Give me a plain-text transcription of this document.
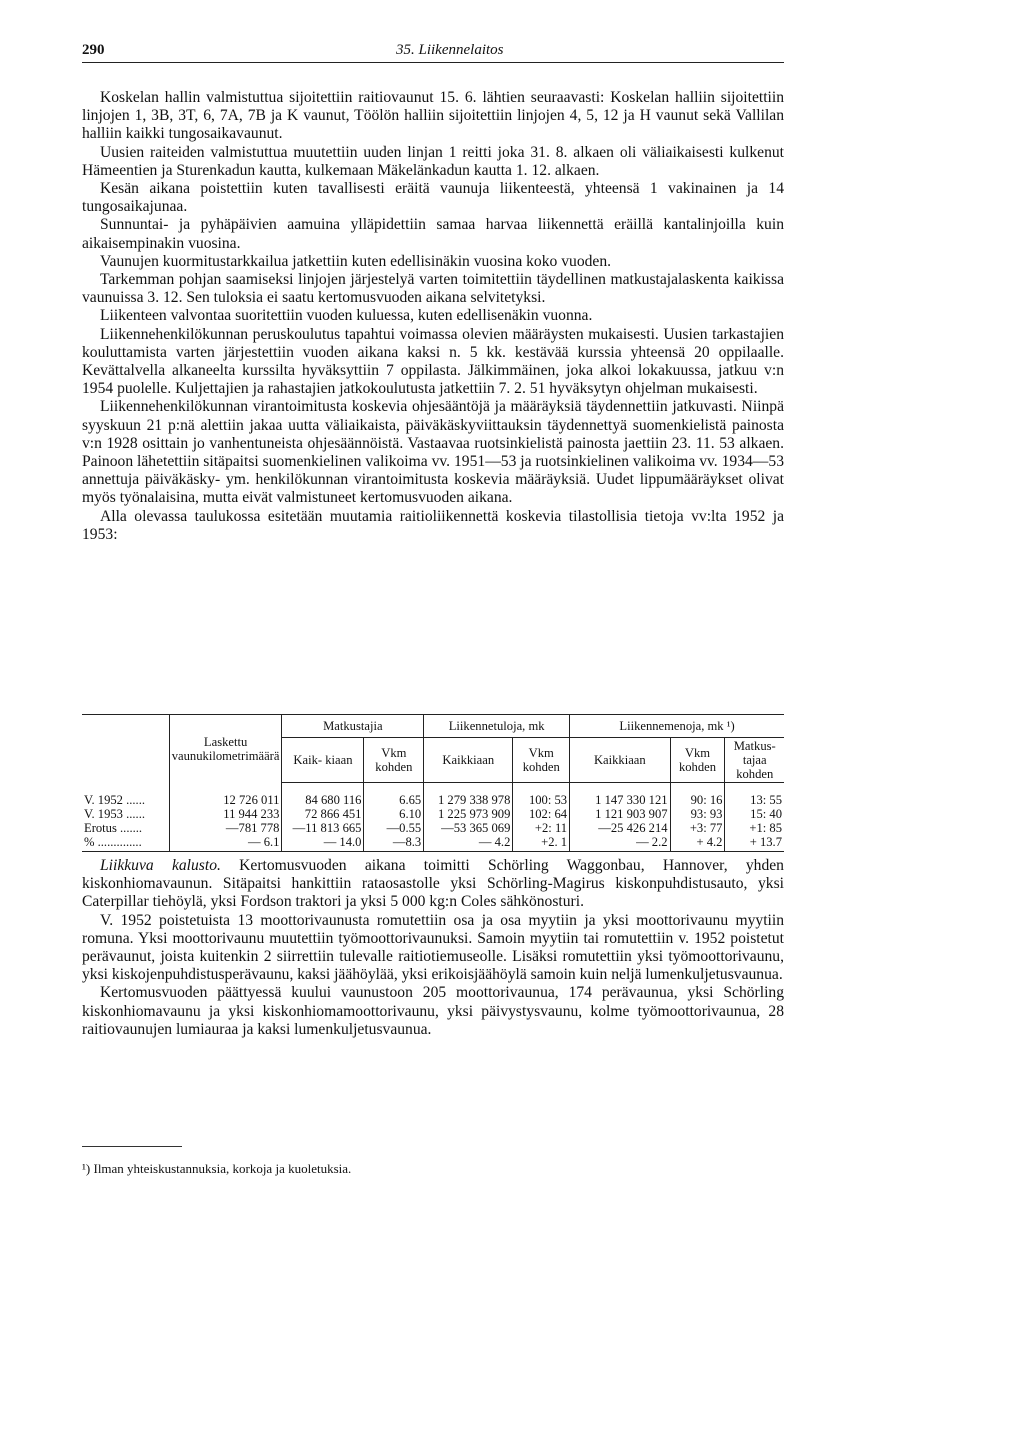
290	35. Liikennelaitos

Koskelan hallin valmistuttua sijoitettiin raitiovaunut 15. 6. lähtien seuraavasti: Koskelan halliin sijoitettiin linjojen 1, 3B, 3T, 6, 7A, 7B ja K vaunut, Töölön halliin sijoitettiin linjojen 4, 5, 12 ja H vaunut sekä Vallilan halliin kaikki tungosaikavaunut.

Uusien raiteiden valmistuttua muutettiin uuden linjan 1 reitti joka 31. 8. alkaen oli väliaikaisesti kulkenut Hämeentien ja Sturenkadun kautta, kulkemaan Mäkelänkadun kautta 1. 12. alkaen.

Kesän aikana poistettiin kuten tavallisesti eräitä vaunuja liikenteestä, yhteensä 1 vakinainen ja 14 tungosaikajunaa.

Sunnuntai- ja pyhäpäivien aamuina ylläpidettiin samaa harvaa liikennettä eräillä kantalinjoilla kuin aikaisempinakin vuosina.

Vaunujen kuormitustarkkailua jatkettiin kuten edellisinäkin vuosina koko vuoden.

Tarkemman pohjan saamiseksi linjojen järjestelyä varten toimitettiin täydellinen matkustajalaskenta kaikissa vaunuissa 3. 12. Sen tuloksia ei saatu kertomusvuoden aikana selvitetyksi.

Liikenteen valvontaa suoritettiin vuoden kuluessa, kuten edellisenäkin vuonna.

Liikennehenkilökunnan peruskoulutus tapahtui voimassa olevien määräysten mukaisesti. Uusien tarkastajien kouluttamista varten järjestettiin vuoden aikana kaksi n. 5 kk. kestävää kurssia yhteensä 20 oppilaalle. Kevättalvella alkaneelta kurssilta hyväksyttiin 7 oppilasta. Jälkimmäinen, joka alkoi lokakuussa, jatkuu v:n 1954 puolelle. Kuljettajien ja rahastajien jatkokoulutusta jatkettiin 7. 2. 51 hyväksytyn ohjelman mukaisesti.

Liikennehenkilökunnan virantoimitusta koskevia ohjesääntöjä ja määräyksiä täydennettiin jatkuvasti. Niinpä syyskuun 21 p:nä alettiin jakaa uutta väliaikaista, päiväkäskyviittauksin täydennettyä suomenkielistä painosta v:n 1928 osittain jo vanhentuneista ohjesäännöistä. Vastaavaa ruotsinkielistä painosta jaettiin 23. 11. 53 alkaen. Painoon lähetettiin sitäpaitsi suomenkielinen valikoima vv. 1951—53 ja ruotsinkielinen valikoima vv. 1934—53 annettuja päiväkäsky- ym. henkilökunnan virantoimitusta koskevia määräyksiä. Uudet lippumääräykset olivat myös työnalaisina, mutta eivät valmistuneet kertomusvuoden aikana.

Alla olevassa taulukossa esitetään muutamia raitioliikennettä koskevia tilastollisia tietoja vv:lta 1952 ja 1953:

	Laskettu vaunukilometrimäärä	Matkustajia		Liikennetuloja, mk		Liikennemenoja, mk ¹)		
		Kaik- kiaan	Vkm kohden	Kaikkiaan	Vkm kohden	Kaikkiaan	Vkm kohden	Matkus- tajaa kohden
V. 1952 ......	12 726 011	84 680 116	6.65	1 279 338 978	100: 53	1 147 330 121	90: 16	13: 55
V. 1953 ......	11 944 233	72 866 451	6.10	1 225 973 909	102: 64	1 121 903 907	93: 93	15: 40
Erotus .......	—781 778	—11 813 665	—0.55	—53 365 069	+2: 11	—25 426 214	+3: 77	+1: 85
% ..............	— 6.1	— 14.0	—8.3	— 4.2	+2. 1	— 2.2	+ 4.2	+ 13.7

Liikkuva kalusto. Kertomusvuoden aikana toimitti Schörling Waggonbau, Hannover, yhden kiskonhiomavaunun. Sitäpaitsi hankittiin rataosastolle yksi Schörling-Magirus kiskonpuhdistusauto, yksi Caterpillar tiehöylä, yksi Fordson traktori ja yksi 5 000 kg:n Coles sähkönosturi.

V. 1952 poistetuista 13 moottorivaunusta romutettiin osa ja osa myytiin ja yksi moottorivaunu myytiin romuna. Yksi moottorivaunu muutettiin työmoottorivaunuksi. Samoin myytiin tai romutettiin v. 1952 poistetut perävaunut, joista kuitenkin 2 siirrettiin tulevalle raitiotiemuseolle. Lisäksi romutettiin yksi työmoottorivaunu, yksi kiskojenpuhdistusperävaunu, kaksi jäähöylää, yksi erikoisjäähöylä samoin kuin neljä lumenkuljetusvaunua.

Kertomusvuoden päättyessä kuului vaunustoon 205 moottorivaunua, 174 perävaunua, yksi Schörling kiskonhiomavaunu ja yksi kiskonhiomamoottorivaunu, yksi päivystysvaunu, kolme työmoottorivaunua, 28 raitiovaunujen lumiauraa ja kaksi lumenkuljetusvaunua.

¹) Ilman yhteiskustannuksia, korkoja ja kuoletuksia.
